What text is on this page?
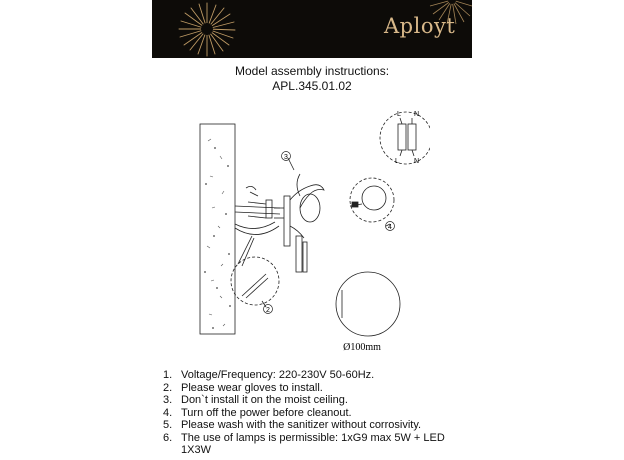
Aployt
Model assembly instructions:
APL.345.01.02
3
2
4
L N
L N
Ø100mm
1. Voltage/Frequency: 220-230V 50-60Hz.
2. Please wear gloves to install.
3. Don`t install it on the moist ceiling.
4. Turn off the power before cleanout.
5. Please wash with the sanitizer without corrosivity.
6. The use of lamps is permissible: 1xG9 max 5W + LED 1X3W
